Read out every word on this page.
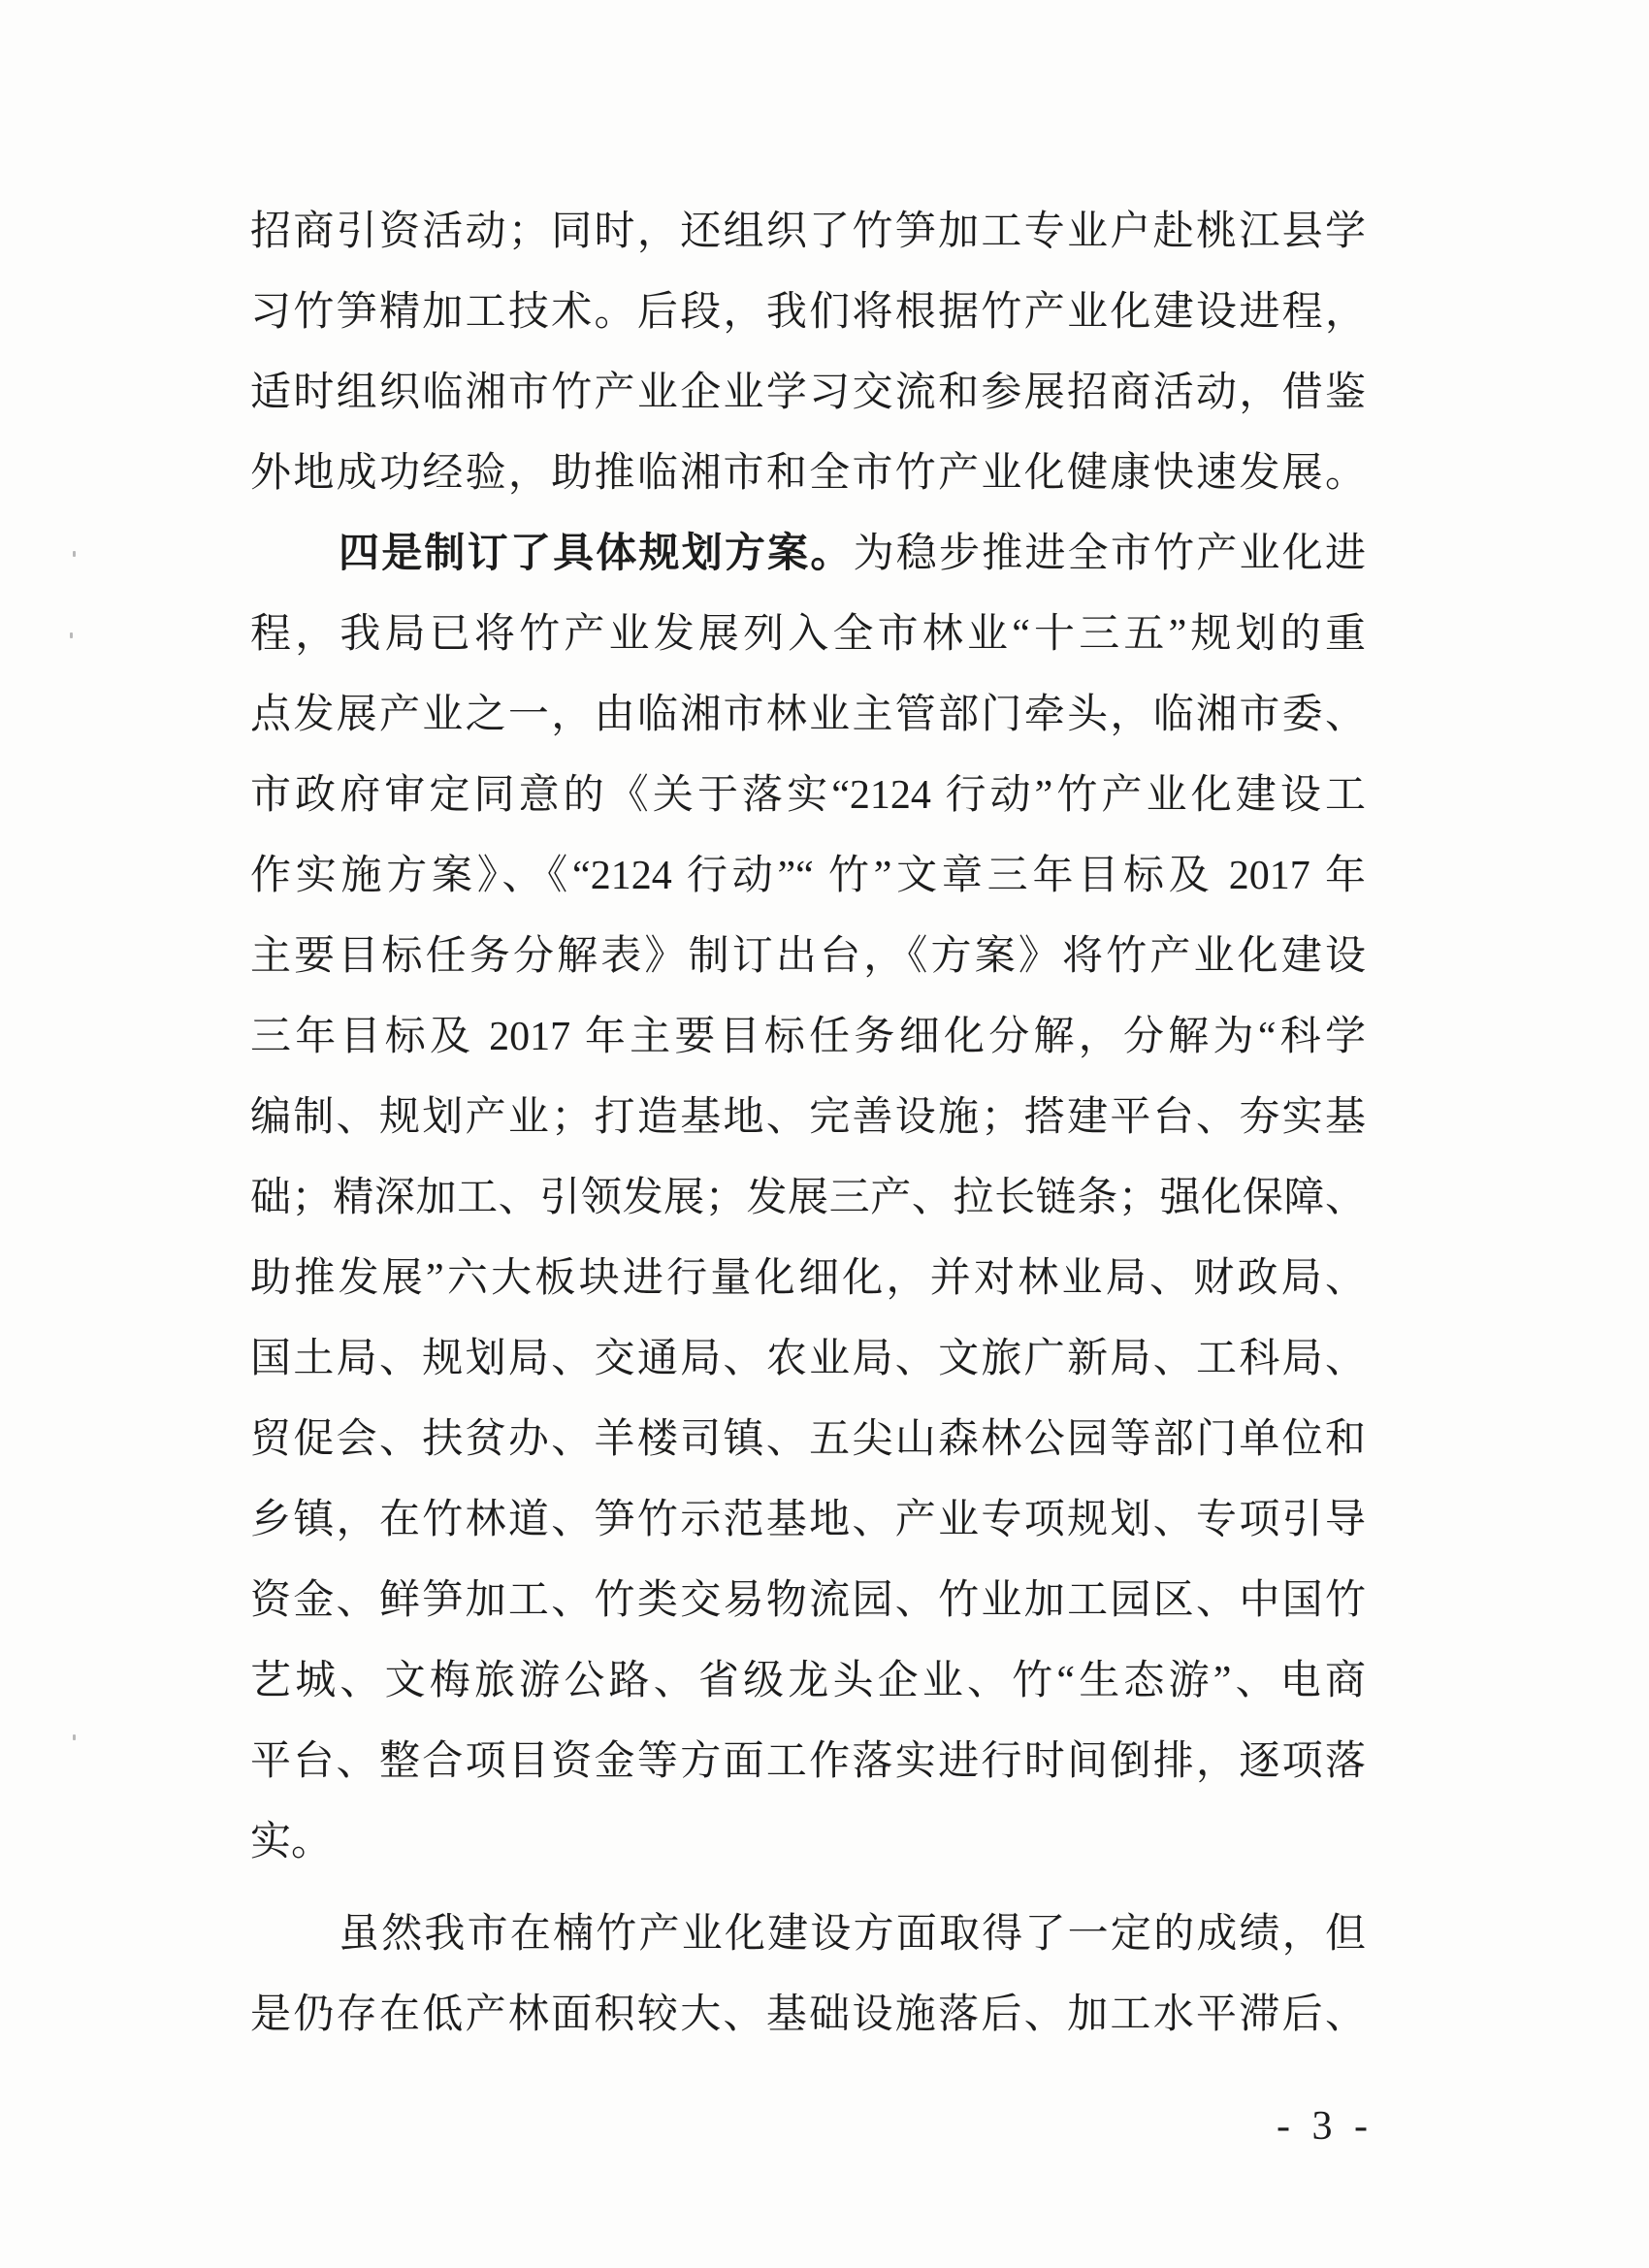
招商引资活动；同时，还组织了竹笋加工专业户赴桃江县学
习竹笋精加工技术。后段，我们将根据竹产业化建设进程，
适时组织临湘市竹产业企业学习交流和参展招商活动，借鉴
外地成功经验，助推临湘市和全市竹产业化健康快速发展。
四是制订了具体规划方案。为稳步推进全市竹产业化进
程，我局已将竹产业发展列入全市林业“十三五”规划的重
点发展产业之一，由临湘市林业主管部门牵头，临湘市委、
市政府审定同意的《关于落实“2124 行动”竹产业化建设工
作实施方案》、《“2124 行动”“ 竹”文章三年目标及 2017 年
主要目标任务分解表》制订出台，《方案》将竹产业化建设
三年目标及 2017 年主要目标任务细化分解，分解为“科学
编制、规划产业；打造基地、完善设施；搭建平台、夯实基
础；精深加工、引领发展；发展三产、拉长链条；强化保障、
助推发展”六大板块进行量化细化，并对林业局、财政局、
国土局、规划局、交通局、农业局、文旅广新局、工科局、
贸促会、扶贫办、羊楼司镇、五尖山森林公园等部门单位和
乡镇，在竹林道、笋竹示范基地、产业专项规划、专项引导
资金、鲜笋加工、竹类交易物流园、竹业加工园区、中国竹
艺城、文梅旅游公路、省级龙头企业、竹“生态游”、电商
平台、整合项目资金等方面工作落实进行时间倒排，逐项落
实。
虽然我市在楠竹产业化建设方面取得了一定的成绩，但
是仍存在低产林面积较大、基础设施落后、加工水平滞后、
- 3 -
